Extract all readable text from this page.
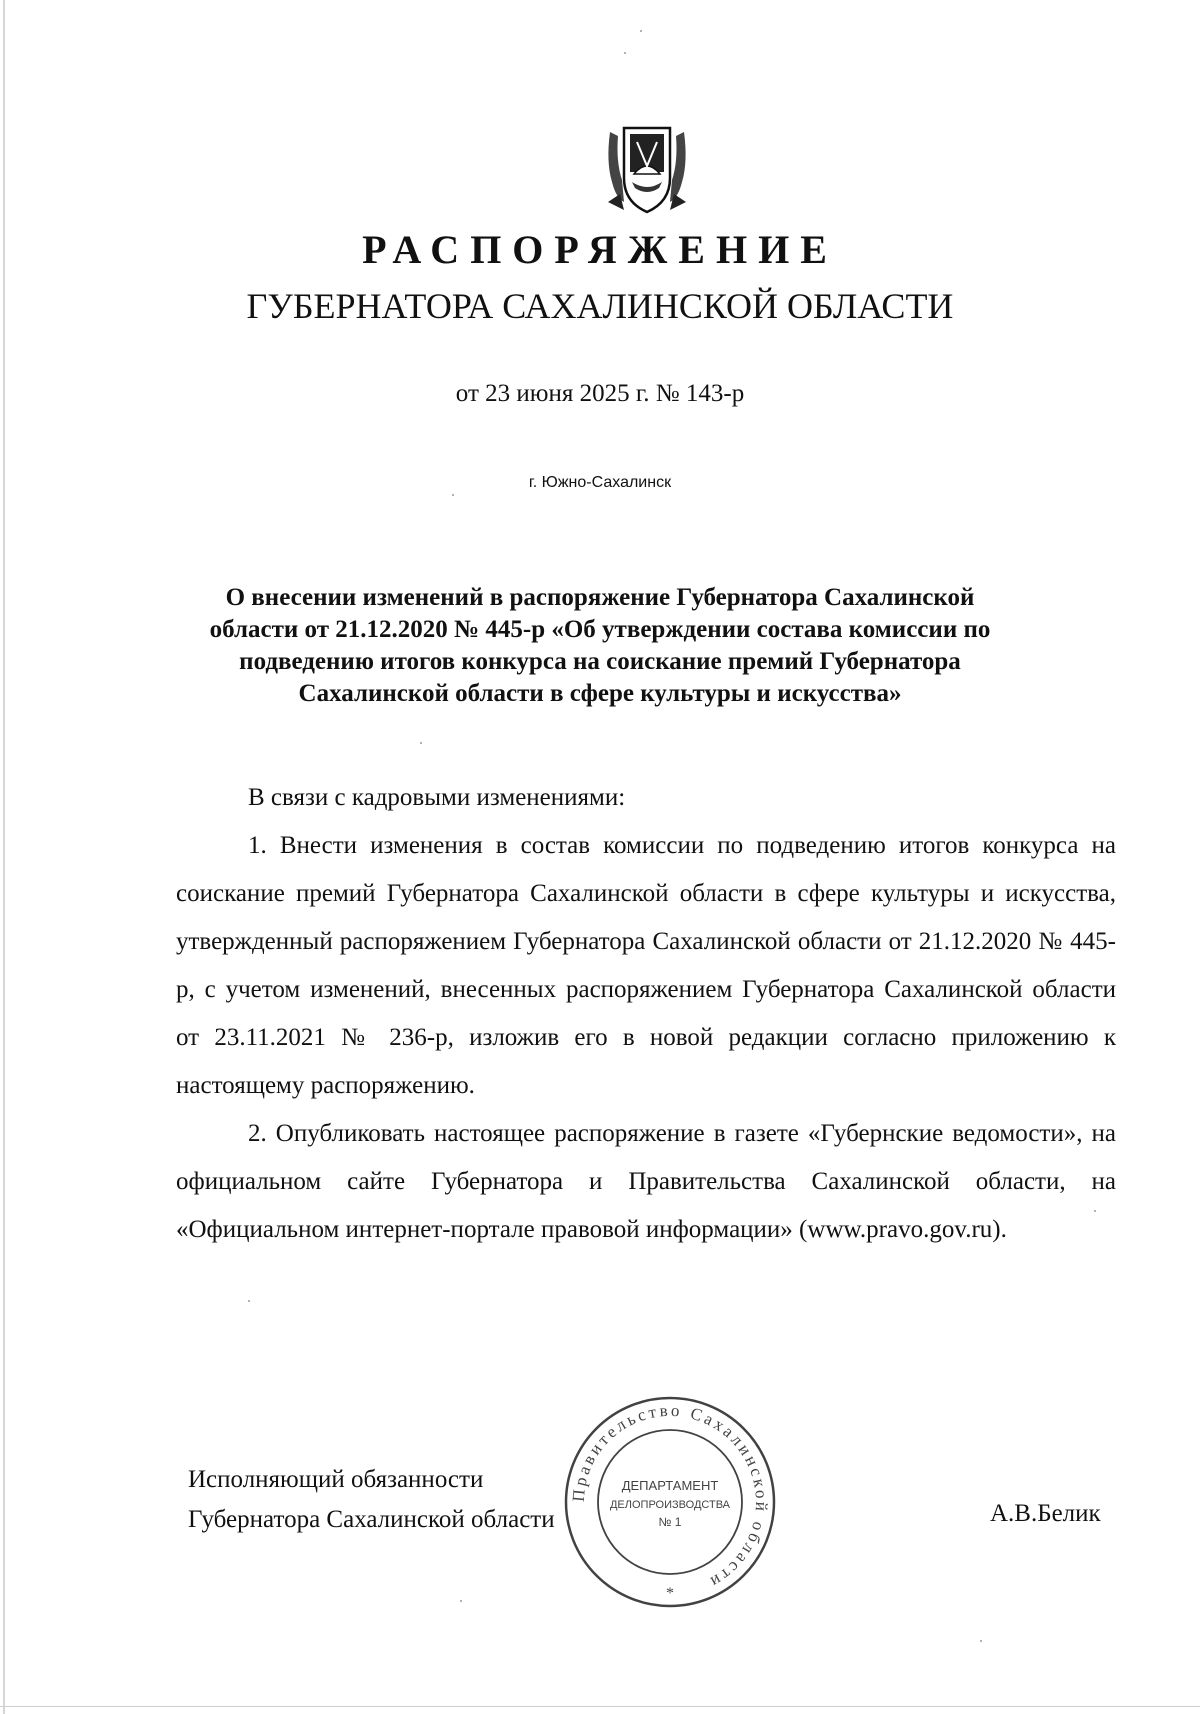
РАСПОРЯЖЕНИЕ
ГУБЕРНАТОРА САХАЛИНСКОЙ ОБЛАСТИ
от 23 июня 2025 г. № 143-р
г. Южно-Сахалинск
О внесении изменений в распоряжение Губернатора Сахалинской области от 21.12.2020 № 445-р «Об утверждении состава комиссии по подведению итогов конкурса на соискание премий Губернатора Сахалинской области в сфере культуры и искусства»

В связи с кадровыми изменениями:

1. Внести изменения в состав комиссии по подведению итогов конкурса на соискание премий Губернатора Сахалинской области в сфере культуры и искусства, утвержденный распоряжением Губернатора Сахалинской области от 21.12.2020 № 445-р, с учетом изменений, внесенных распоряжением Губернатора Сахалинской области от 23.11.2021 № 236-р, изложив его в новой редакции согласно приложению к настоящему распоряжению.

2. Опубликовать настоящее распоряжение в газете «Губернские ведомости», на официальном сайте Губернатора и Правительства Сахалинской области, на «Официальном интернет-портале правовой информации» (www.pravo.gov.ru).

Правительство Сахалинской области
ДЕПАРТАМЕНТ
ДЕЛОПРОИЗВОДСТВА
№ 1
*
Исполняющий обязанности
Губернатора Сахалинской области	А.В.Белик
